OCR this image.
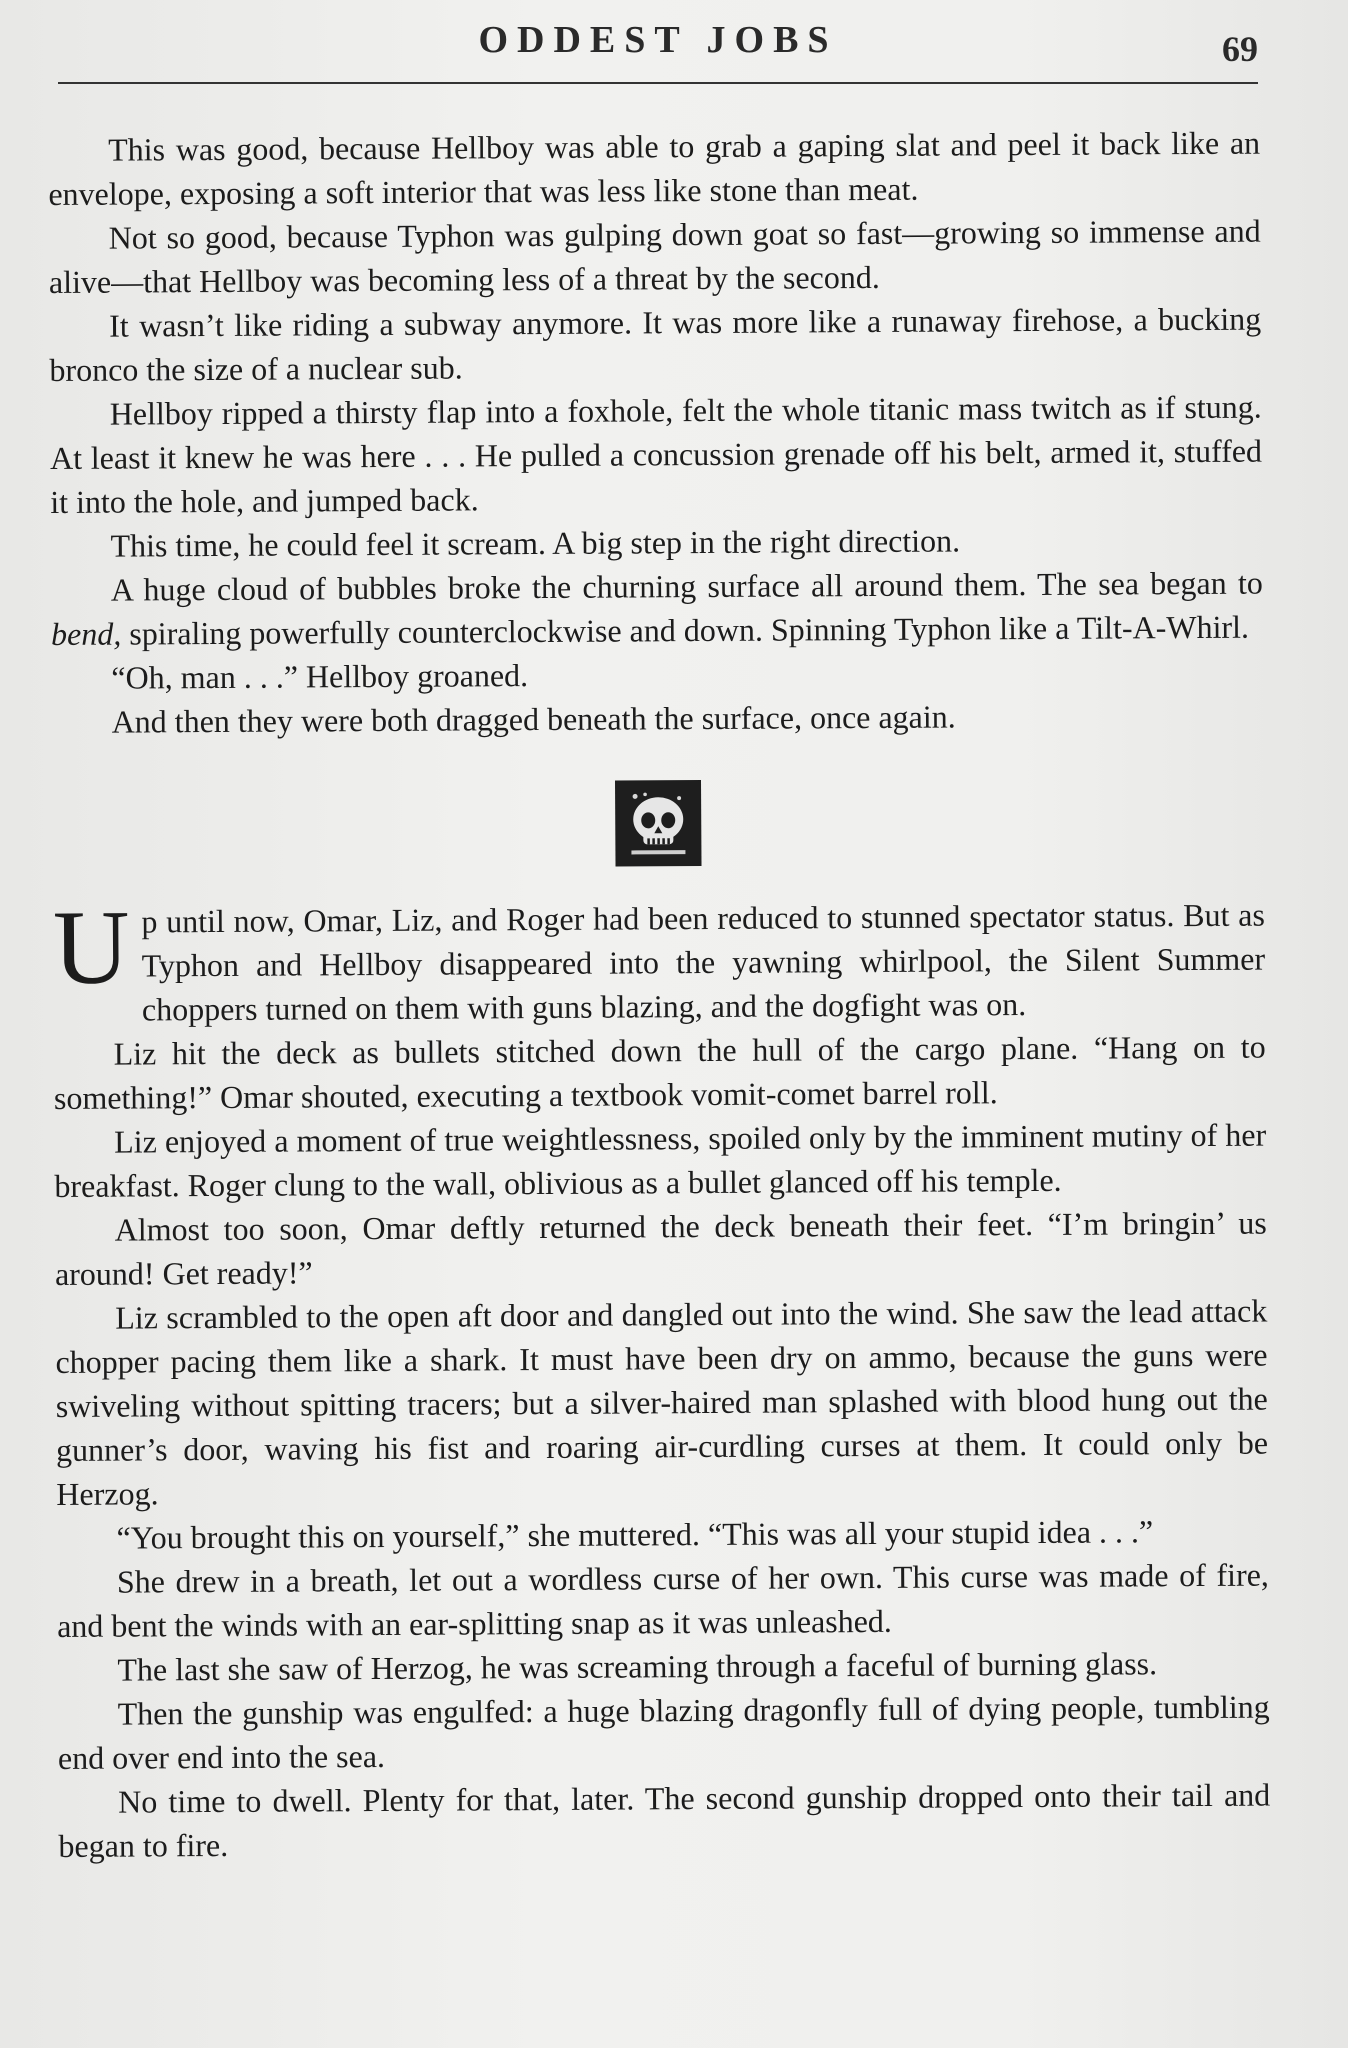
ODDEST JOBS	69

This was good, because Hellboy was able to grab a gaping slat and peel it back like an envelope, exposing a soft interior that was less like stone than meat.

Not so good, because Typhon was gulping down goat so fast—growing so immense and alive—that Hellboy was becoming less of a threat by the second.

It wasn’t like riding a subway anymore. It was more like a runaway firehose, a bucking bronco the size of a nuclear sub.

Hellboy ripped a thirsty flap into a foxhole, felt the whole titanic mass twitch as if stung. At least it knew he was here . . . He pulled a concussion grenade off his belt, armed it, stuffed it into the hole, and jumped back.

This time, he could feel it scream. A big step in the right direction.

A huge cloud of bubbles broke the churning surface all around them. The sea began to bend, spiraling powerfully counterclockwise and down. Spinning Typhon like a Tilt-A-Whirl.

“Oh, man . . .” Hellboy groaned.

And then they were both dragged beneath the surface, once again.

Up until now, Omar, Liz, and Roger had been reduced to stunned spectator status. But as Typhon and Hellboy disappeared into the yawning whirlpool, the Silent Summer choppers turned on them with guns blazing, and the dogfight was on.

Liz hit the deck as bullets stitched down the hull of the cargo plane. “Hang on to something!” Omar shouted, executing a textbook vomit-comet barrel roll.

Liz enjoyed a moment of true weightlessness, spoiled only by the imminent mutiny of her breakfast. Roger clung to the wall, oblivious as a bullet glanced off his temple.

Almost too soon, Omar deftly returned the deck beneath their feet. “I’m bringin’ us around! Get ready!”

Liz scrambled to the open aft door and dangled out into the wind. She saw the lead attack chopper pacing them like a shark. It must have been dry on ammo, because the guns were swiveling without spitting tracers; but a silver-haired man splashed with blood hung out the gunner’s door, waving his fist and roaring air-curdling curses at them. It could only be Herzog.

“You brought this on yourself,” she muttered. “This was all your stupid idea . . .”

She drew in a breath, let out a wordless curse of her own. This curse was made of fire, and bent the winds with an ear-splitting snap as it was unleashed.

The last she saw of Herzog, he was screaming through a faceful of burning glass.

Then the gunship was engulfed: a huge blazing dragonfly full of dying people, tumbling end over end into the sea.

No time to dwell. Plenty for that, later. The second gunship dropped onto their tail and began to fire.
